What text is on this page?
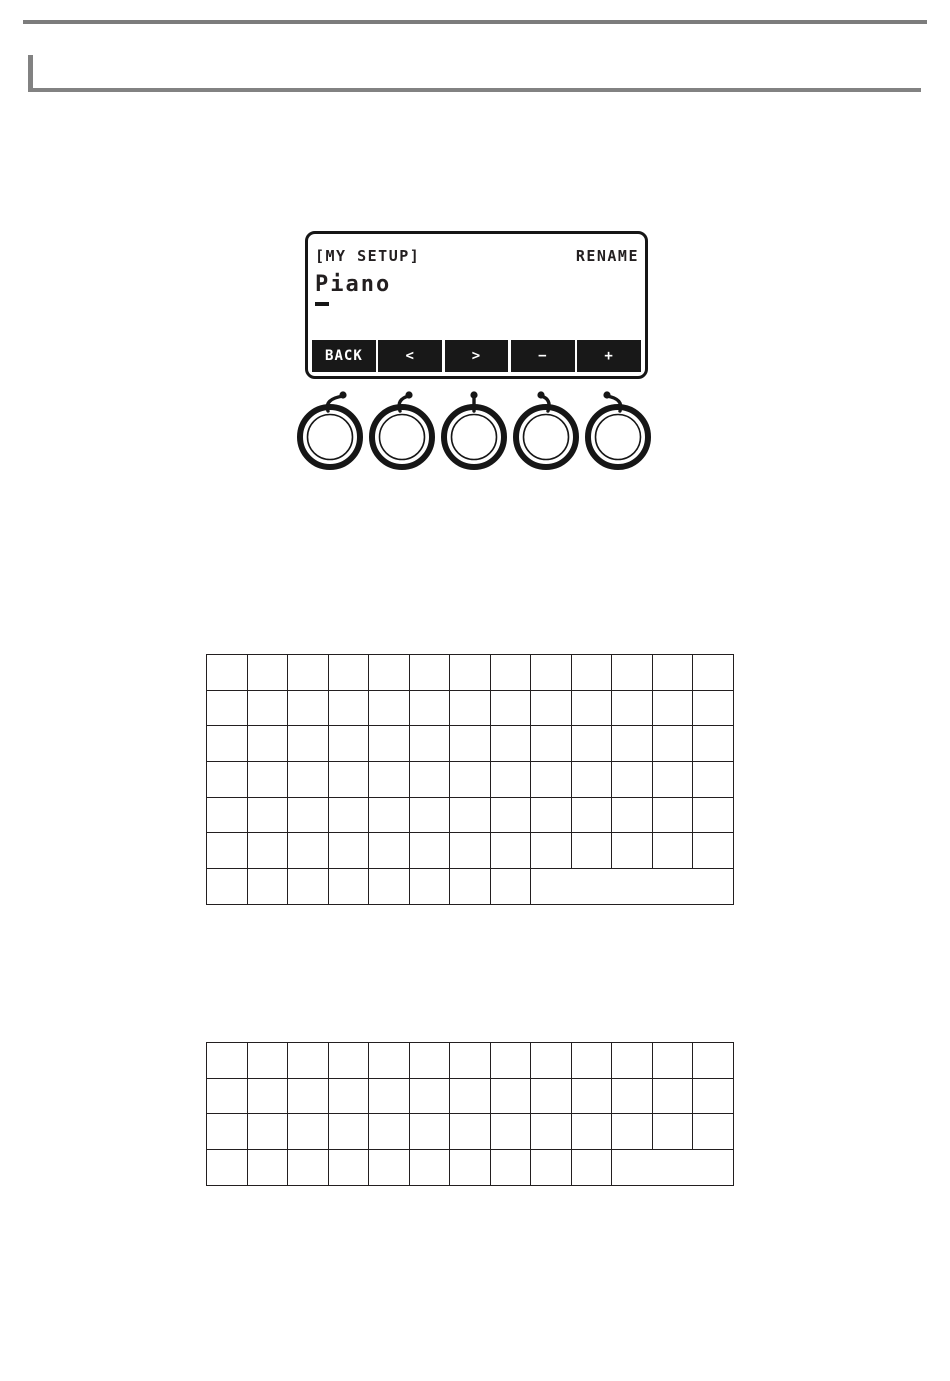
[MY SETUP]	RENAME
Piano
BACK	<	>	−	+
